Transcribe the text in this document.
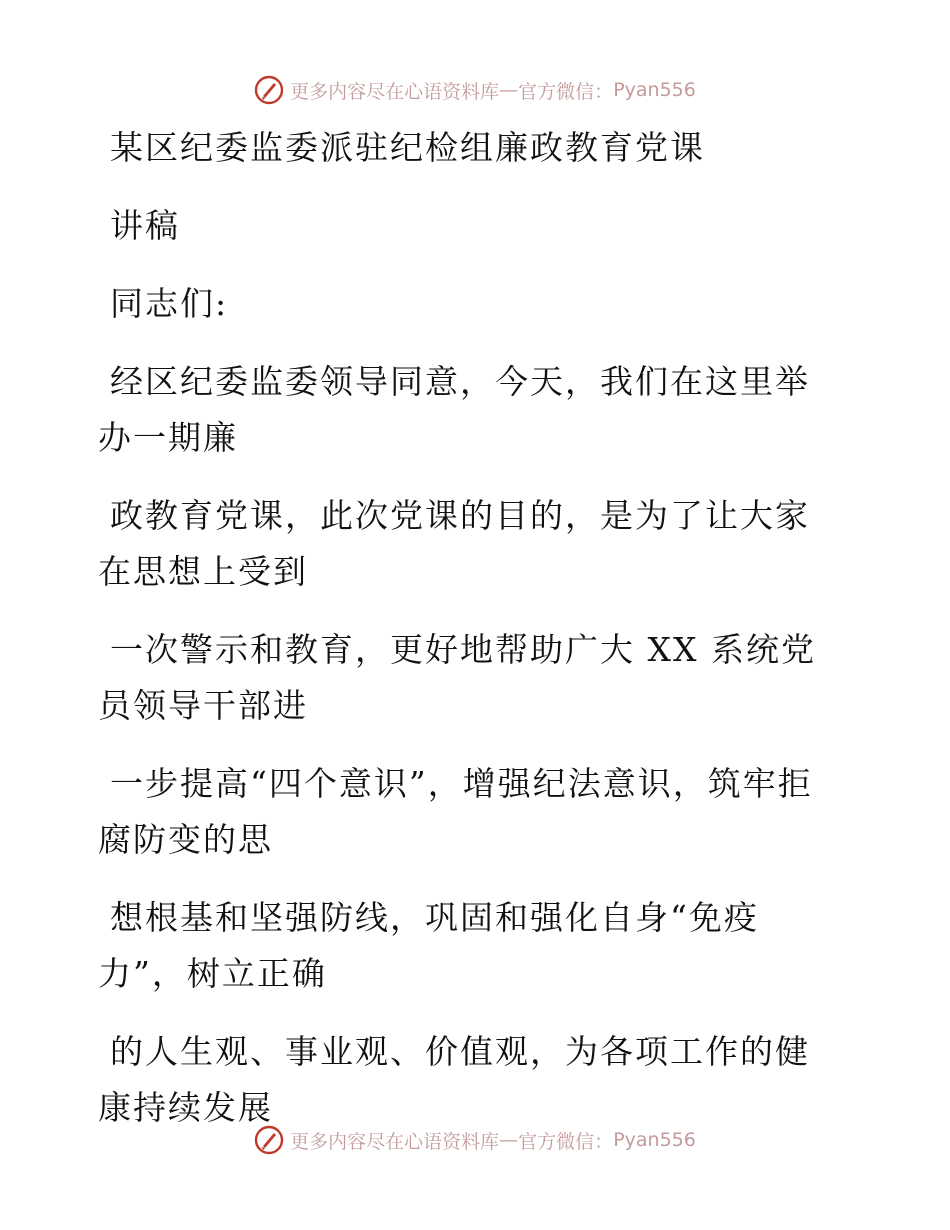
更多内容尽在心语资料库 — 官方微信： Pyan556

某区纪委监委派驻纪检组廉政教育党课

讲稿

同志们:

经区纪委监委领导同意，今天，我们在这里举办一期廉

政教育党课，此次党课的目的，是为了让大家在思想上受到

一次警示和教育，更好地帮助广大 XX 系统党员领导干部进

一步提高“四个意识”，增强纪法意识，筑牢拒腐防变的思

想根基和坚强防线，巩固和强化自身“免疫力”，树立正确

的人生观、事业观、价值观，为各项工作的健康持续发展

更多内容尽在心语资料库 — 官方微信： Pyan556
